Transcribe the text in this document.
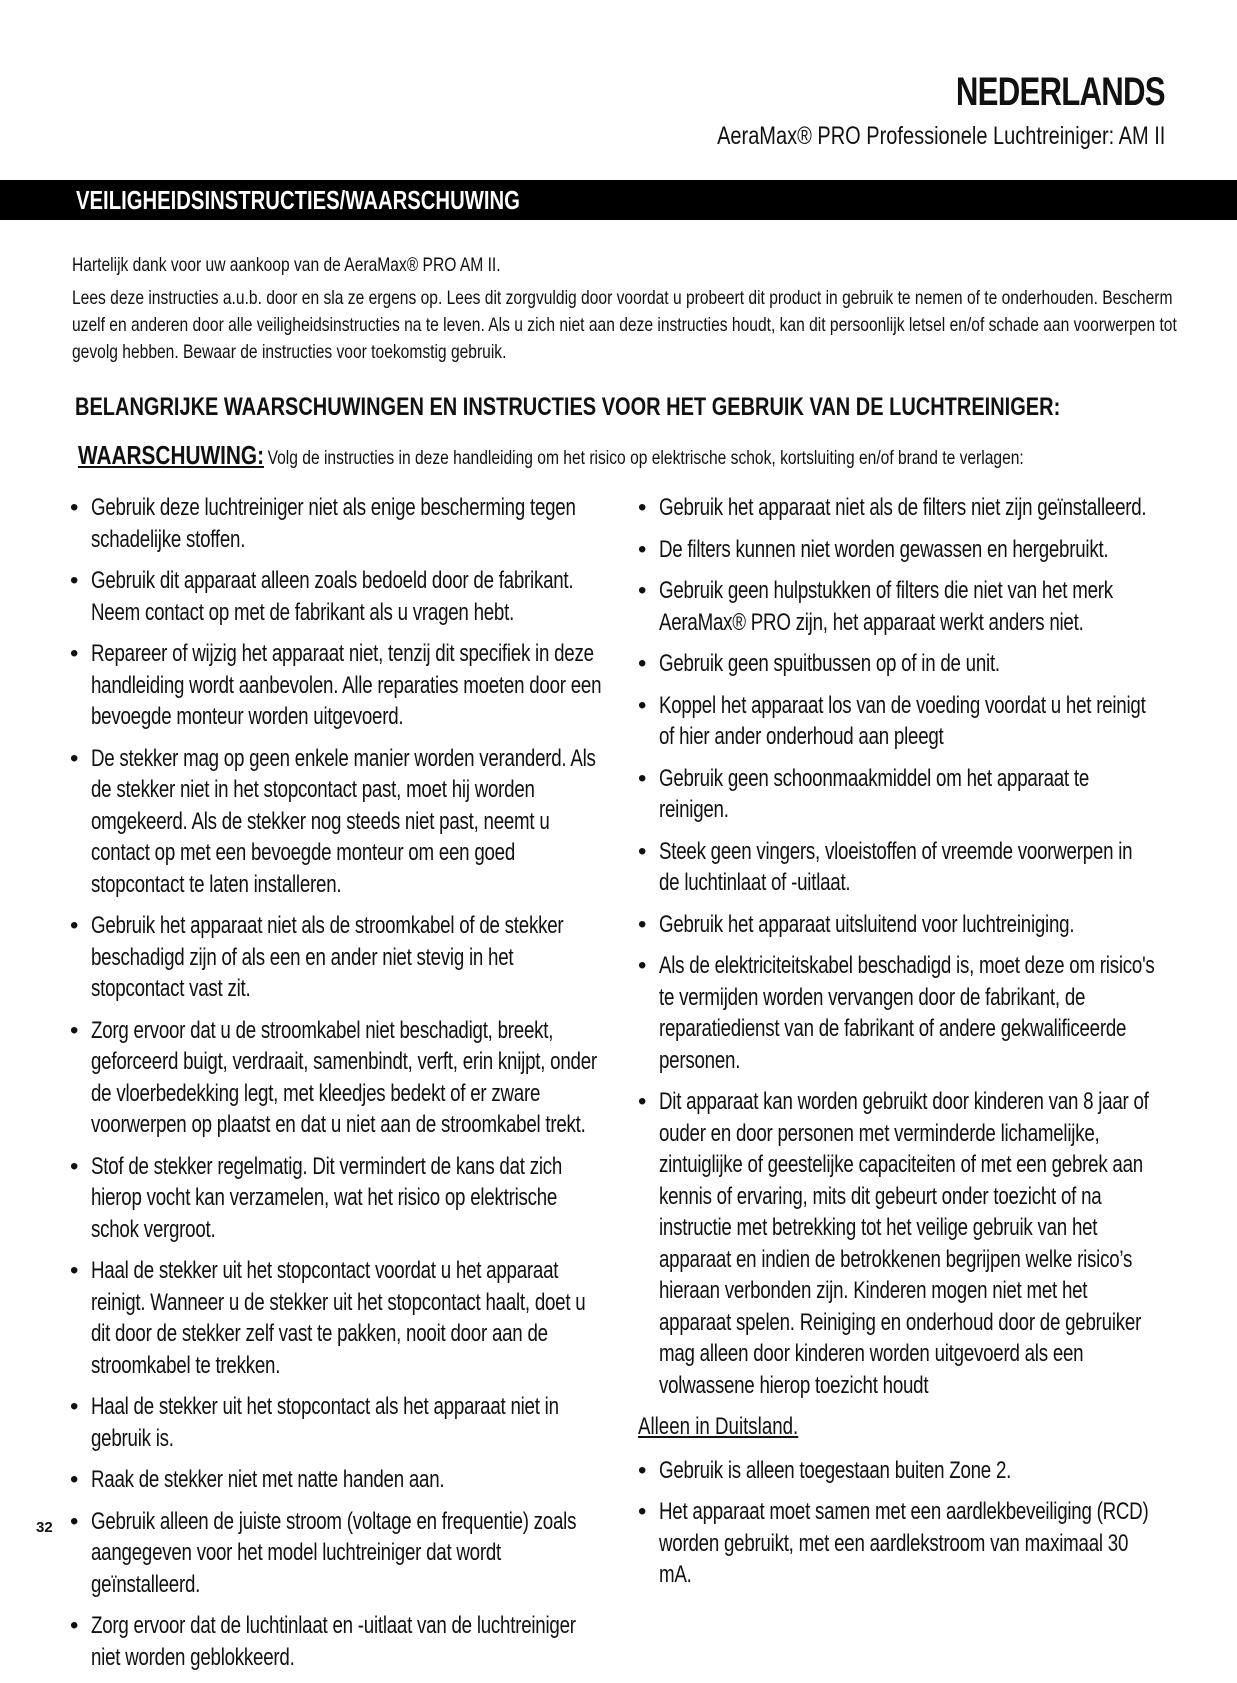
NEDERLANDS
AeraMax® PRO Professionele Luchtreiniger: AM II
VEILIGHEIDSINSTRUCTIES/WAARSCHUWING
Hartelijk dank voor uw aankoop van de AeraMax® PRO AM II.
Lees deze instructies a.u.b. door en sla ze ergens op. Lees dit zorgvuldig door voordat u probeert dit product in gebruik te nemen of te onderhouden. Bescherm uzelf en anderen door alle veiligheidsinstructies na te leven. Als u zich niet aan deze instructies houdt, kan dit persoonlijk letsel en/of schade aan voorwerpen tot gevolg hebben. Bewaar de instructies voor toekomstig gebruik.
BELANGRIJKE WAARSCHUWINGEN EN INSTRUCTIES VOOR HET GEBRUIK VAN DE LUCHTREINIGER:
WAARSCHUWING: Volg de instructies in deze handleiding om het risico op elektrische schok, kortsluiting en/of brand te verlagen:
• Gebruik deze luchtreiniger niet als enige bescherming tegen schadelijke stoffen.
• Gebruik dit apparaat alleen zoals bedoeld door de fabrikant. Neem contact op met de fabrikant als u vragen hebt.
• Repareer of wijzig het apparaat niet, tenzij dit specifiek in deze handleiding wordt aanbevolen. Alle reparaties moeten door een bevoegde monteur worden uitgevoerd.
• De stekker mag op geen enkele manier worden veranderd. Als de stekker niet in het stopcontact past, moet hij worden omgekeerd. Als de stekker nog steeds niet past, neemt u contact op met een bevoegde monteur om een goed stopcontact te laten installeren.
• Gebruik het apparaat niet als de stroomkabel of de stekker beschadigd zijn of als een en ander niet stevig in het stopcontact vast zit.
• Zorg ervoor dat u de stroomkabel niet beschadigt, breekt, geforceerd buigt, verdraait, samenbindt, verft, erin knijpt, onder de vloerbedekking legt, met kleedjes bedekt of er zware voorwerpen op plaatst en dat u niet aan de stroomkabel trekt.
• Stof de stekker regelmatig. Dit vermindert de kans dat zich hierop vocht kan verzamelen, wat het risico op elektrische schok vergroot.
• Haal de stekker uit het stopcontact voordat u het apparaat reinigt. Wanneer u de stekker uit het stopcontact haalt, doet u dit door de stekker zelf vast te pakken, nooit door aan de stroomkabel te trekken.
• Haal de stekker uit het stopcontact als het apparaat niet in gebruik is.
• Raak de stekker niet met natte handen aan.
• Gebruik alleen de juiste stroom (voltage en frequentie) zoals aangegeven voor het model luchtreiniger dat wordt geïnstalleerd.
• Zorg ervoor dat de luchtinlaat en -uitlaat van de luchtreiniger niet worden geblokkeerd.
• Gebruik het apparaat niet als de filters niet zijn geïnstalleerd.
• De filters kunnen niet worden gewassen en hergebruikt.
• Gebruik geen hulpstukken of filters die niet van het merk AeraMax® PRO zijn, het apparaat werkt anders niet.
• Gebruik geen spuitbussen op of in de unit.
• Koppel het apparaat los van de voeding voordat u het reinigt of hier ander onderhoud aan pleegt
• Gebruik geen schoonmaakmiddel om het apparaat te reinigen.
• Steek geen vingers, vloeistoffen of vreemde voorwerpen in de luchtinlaat of -uitlaat.
• Gebruik het apparaat uitsluitend voor luchtreiniging.
• Als de elektriciteitskabel beschadigd is, moet deze om risico's te vermijden worden vervangen door de fabrikant, de reparatiedienst van de fabrikant of andere gekwalificeerde personen.
• Dit apparaat kan worden gebruikt door kinderen van 8 jaar of ouder en door personen met verminderde lichamelijke, zintuiglijke of geestelijke capaciteiten of met een gebrek aan kennis of ervaring, mits dit gebeurt onder toezicht of na instructie met betrekking tot het veilige gebruik van het apparaat en indien de betrokkenen begrijpen welke risico’s hieraan verbonden zijn. Kinderen mogen niet met het apparaat spelen. Reiniging en onderhoud door de gebruiker mag alleen door kinderen worden uitgevoerd als een volwassene hierop toezicht houdt
Alleen in Duitsland.
• Gebruik is alleen toegestaan buiten Zone 2.
• Het apparaat moet samen met een aardlekbeveiliging (RCD) worden gebruikt, met een aardlekstroom van maximaal 30 mA.
32
